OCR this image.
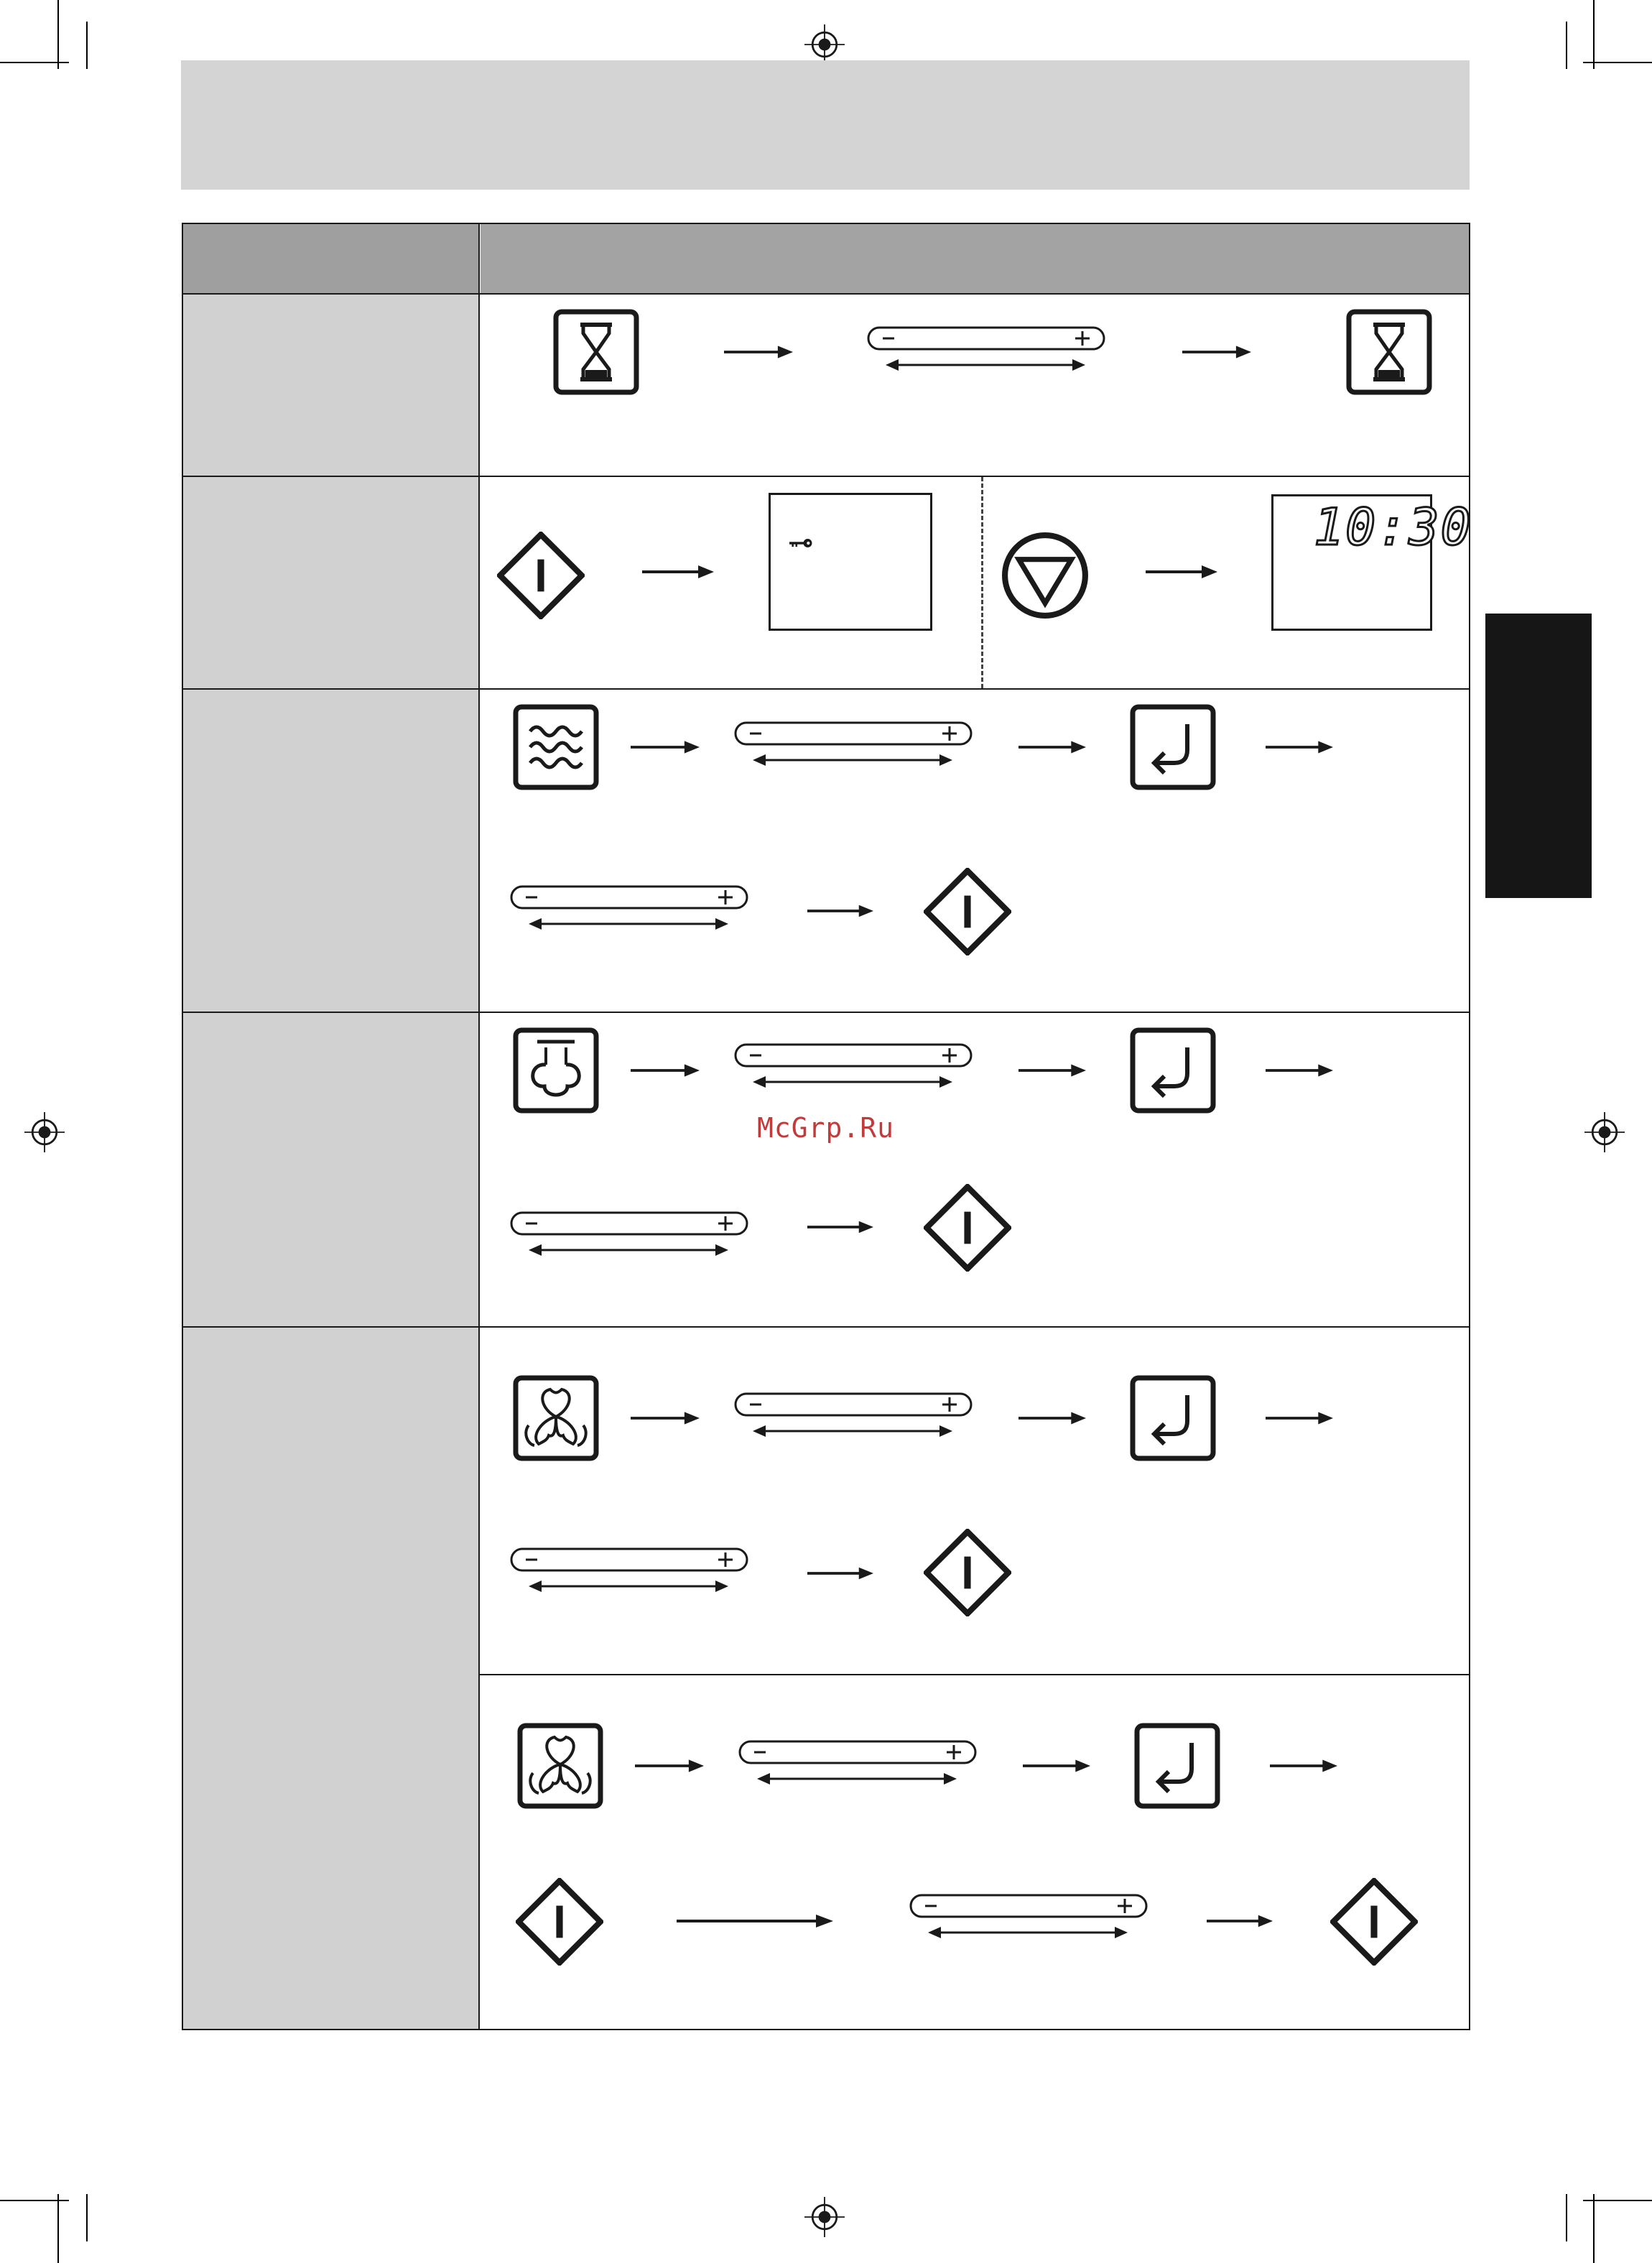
10:30
McGrp.Ru
